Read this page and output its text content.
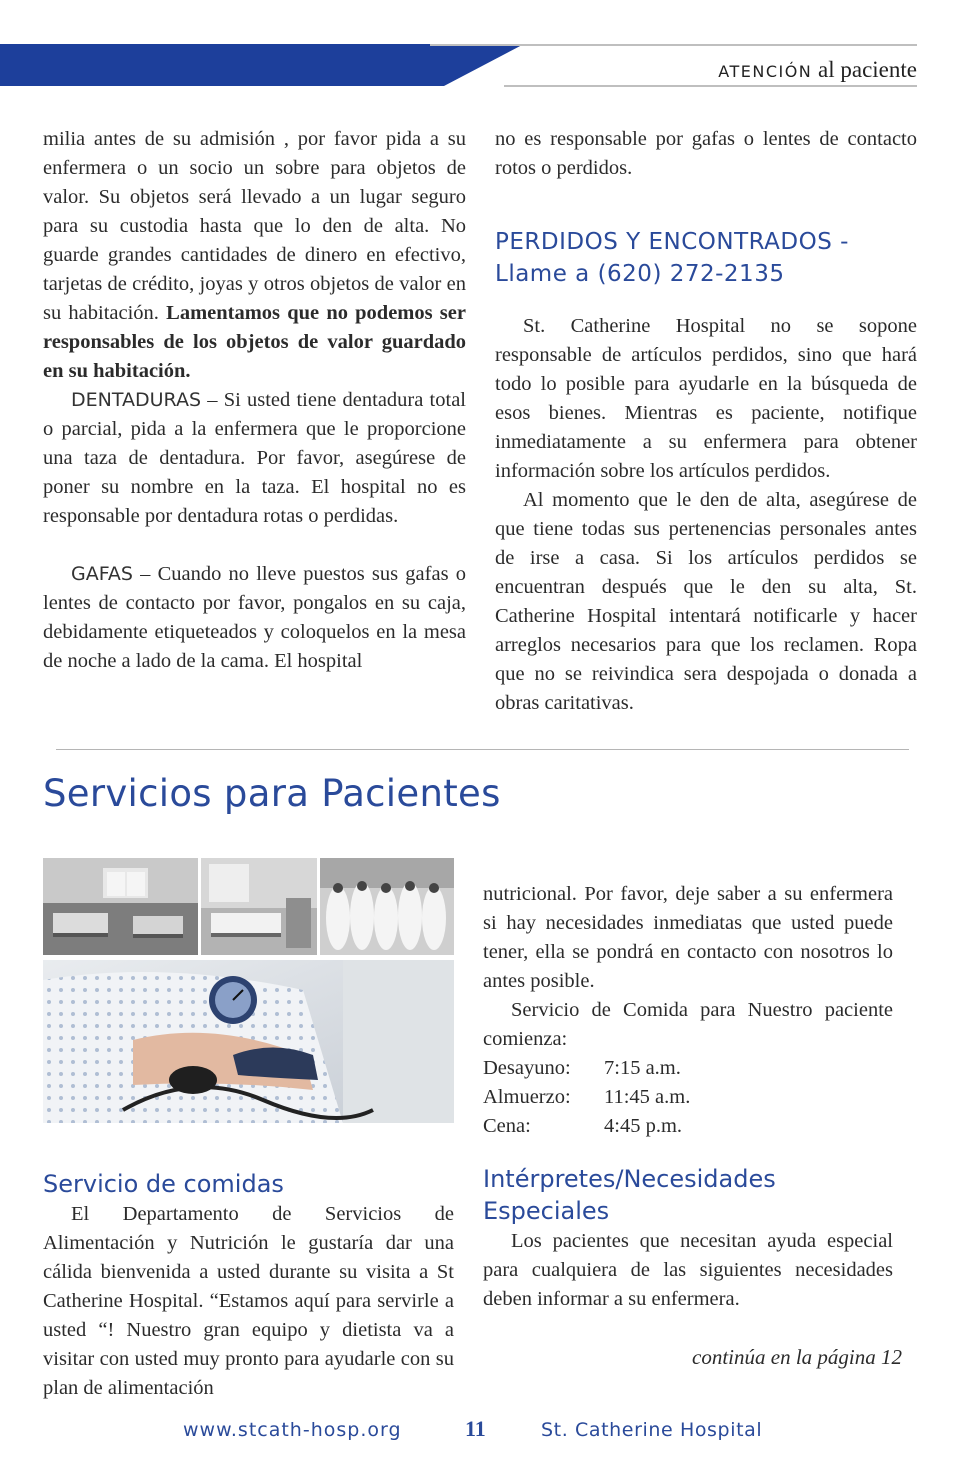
ATENCIÓN al paciente

milia antes de su admisión , por favor pida a su enfermera o un socio un sobre para objetos de valor. Su objetos será llevado a un lugar seguro para su custodia hasta que lo den de alta. No guarde grandes cantidades de dinero en efectivo, tarjetas de crédito, joyas y otros objetos de valor en su habitación. Lamentamos que no podemos ser responsables de los objetos de valor guardado en su habitación.

DENTADURAS – Si usted tiene dentadura total o parcial, pida a la enfermera que le proporcione una taza de dentadura. Por favor, asegúrese de poner su nombre en la taza. El hospital no es responsable por dentadura rotas o perdidas.

GAFAS – Cuando no lleve puestos sus gafas o lentes de contacto por favor, pongalos en su caja, debidamente etiqueteados y coloquelos en la mesa de noche a lado de la cama. El hospital

no es responsable por gafas o lentes de contacto rotos o perdidos.

PERDIDOS Y ENCONTRADOS -
Llame a (620) 272-2135

St. Catherine Hospital no se sopone responsable de artículos perdidos, sino que hará todo lo posible para ayudarle en la búsqueda de esos bienes. Mientras es paciente, notifique inmediatamente a su enfermera para obtener información sobre los artículos perdidos.

Al momento que le den de alta, asegúrese de que tiene todas sus pertenencias personales antes de irse a casa. Si los artículos perdidos se encuentran después que le den su alta, St. Catherine Hospital intentará notificarle y hacer arreglos necesarios para que los reclamen. Ropa que no se reivindica sera despojada o donada a obras caritativas.

Servicios para Pacientes
Servicio de comidas

El Departamento de Servicios de Alimentación y Nutrición le gustaría dar una cálida bienvenida a usted durante su visita a St Catherine Hospital. “Estamos aquí para servirle a usted “! Nuestro gran equipo y dietista va a visitar con usted muy pronto para ayudarle con su plan de alimentación

nutricional. Por favor, deje saber a su enfermera si hay necesidades inmediatas que usted puede tener, ella se pondrá en contacto con nosotros lo antes posible.

Servicio de Comida para Nuestro paciente comienza:

Desayuno:	7:15 a.m.
Almuerzo:	11:45 a.m.
Cena:	4:45 p.m.
Intérpretes/Necesidades
Especiales

Los pacientes que necesitan ayuda especial para cualquiera de las siguientes necesidades deben informar a su enfermera.

continúa en la página 12
www.stcath-hosp.org	11	St. Catherine Hospital
